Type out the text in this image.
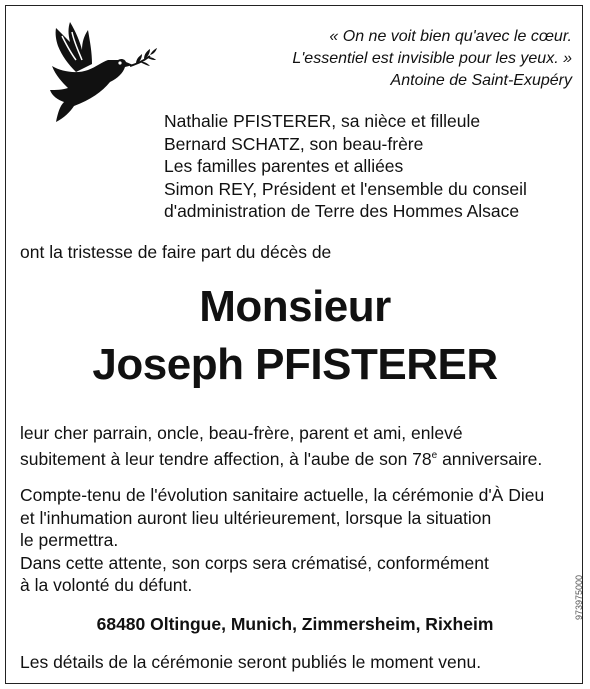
« On ne voit bien qu'avec le cœur.
L'essentiel est invisible pour les yeux. »
Antoine de Saint-Exupéry
Nathalie PFISTERER, sa nièce et filleule
Bernard SCHATZ, son beau-frère
Les familles parentes et alliées
Simon REY, Président et l'ensemble du conseil
d'administration de Terre des Hommes Alsace
ont la tristesse de faire part du décès de
Monsieur
Joseph PFISTERER
leur cher parrain, oncle, beau-frère, parent et ami, enlevé
subitement à leur tendre affection, à l'aube de son 78e anniversaire.
Compte-tenu de l'évolution sanitaire actuelle, la cérémonie d'À Dieu
et l'inhumation auront lieu ultérieurement, lorsque la situation
le permettra.
Dans cette attente, son corps sera crématisé, conformément
à la volonté du défunt.
68480 Oltingue, Munich, Zimmersheim, Rixheim
Les détails de la cérémonie seront publiés le moment venu.
973975000
